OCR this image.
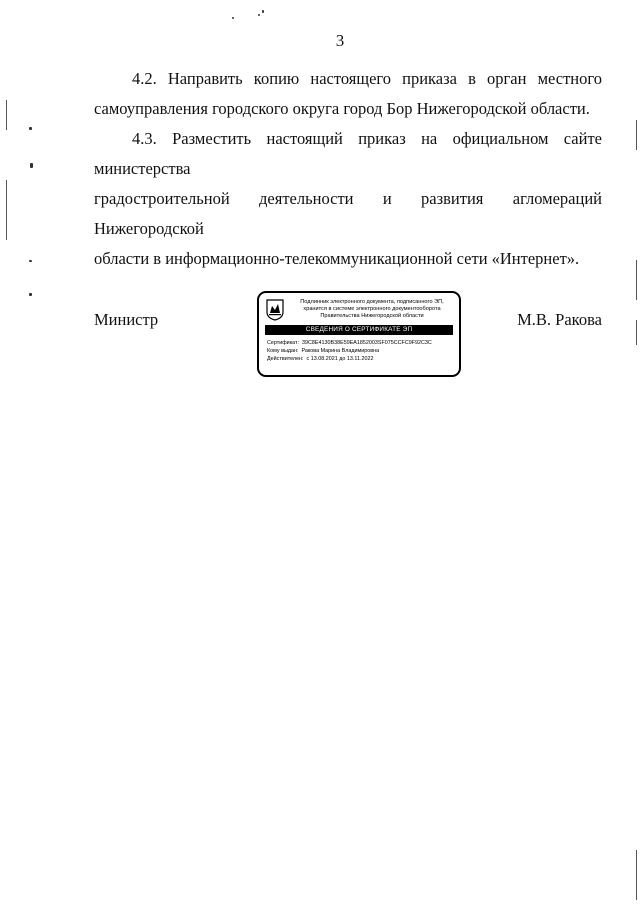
3
4.2. Направить копию настоящего приказа в орган местного
самоуправления городского округа город Бор Нижегородской области.
4.3. Разместить настоящий приказ на официальном сайте министерства
градостроительной деятельности и развития агломераций Нижегородской
области в информационно-телекоммуникационной сети «Интернет».
Министр	М.В. Ракова
Подлинник электронного документа, подписанного ЭП,
хранится в системе электронного документооборота
Правительства Нижегородской области
СВЕДЕНИЯ О СЕРТИФИКАТЕ ЭП
Сертификат: 39C8E4130B38E59EA1852003SF075CCFC9F92C3C
Кому выдан: Ракова Марина Владимировна
Действителен: с 13.08.2021 до 13.11.2022
